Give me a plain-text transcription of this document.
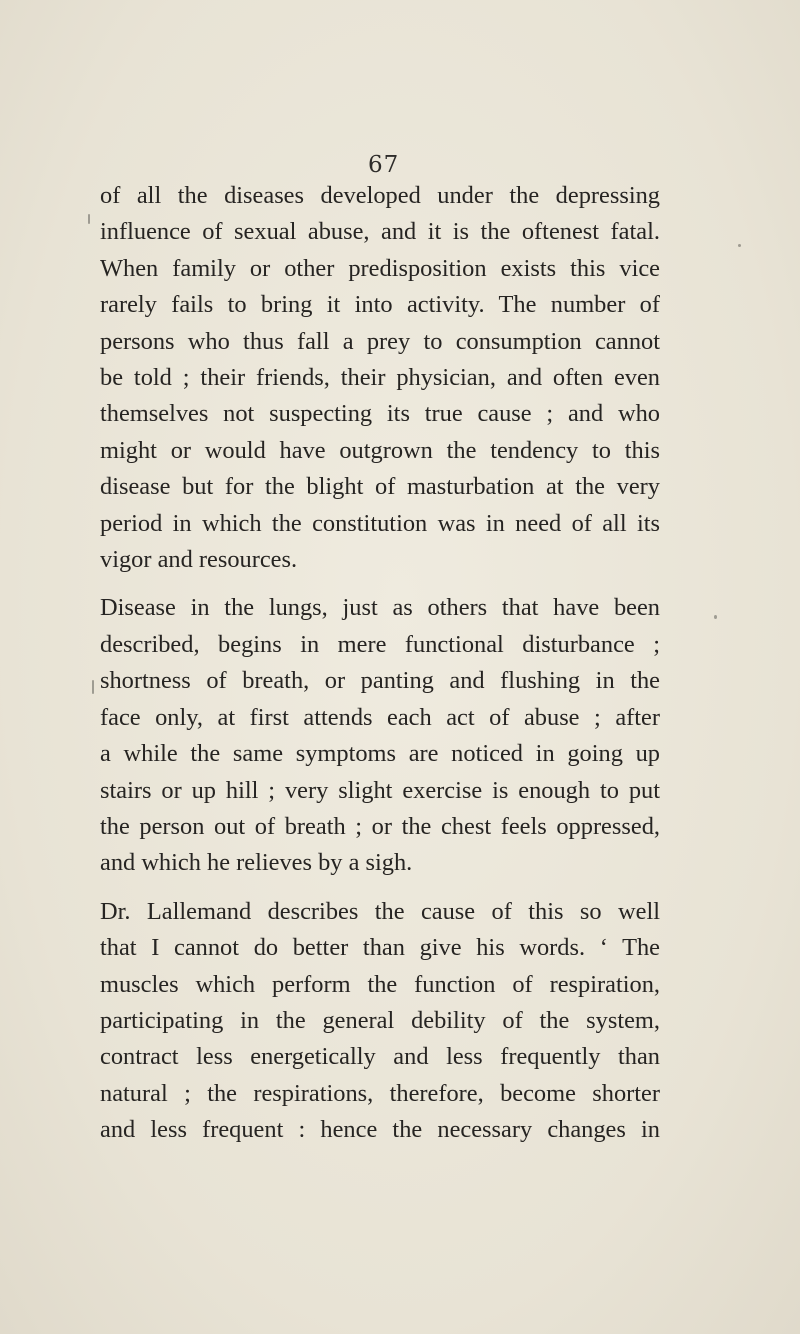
67

of all the diseases developed under the depressing
influence of sexual abuse, and it is the oftenest fatal.
When family or other predisposition exists this vice
rarely fails to bring it into activity. The number of
persons who thus fall a prey to consumption cannot
be told ; their friends, their physician, and often even
themselves not suspecting its true cause ; and who
might or would have outgrown the tendency to this
disease but for the blight of masturbation at the very
period in which the constitution was in need of all its
vigor and resources.

Disease in the lungs, just as others that have been
described, begins in mere functional disturbance ;
shortness of breath, or panting and flushing in the
face only, at first attends each act of abuse ; after
a while the same symptoms are noticed in going up
stairs or up hill ; very slight exercise is enough to put
the person out of breath ; or the chest feels oppressed,
and which he relieves by a sigh.

Dr. Lallemand describes the cause of this so well
that I cannot do better than give his words. ‘ The
muscles which perform the function of respiration,
participating in the general debility of the system,
contract less energetically and less frequently than
natural ; the respirations, therefore, become shorter
and less frequent : hence the necessary changes in
